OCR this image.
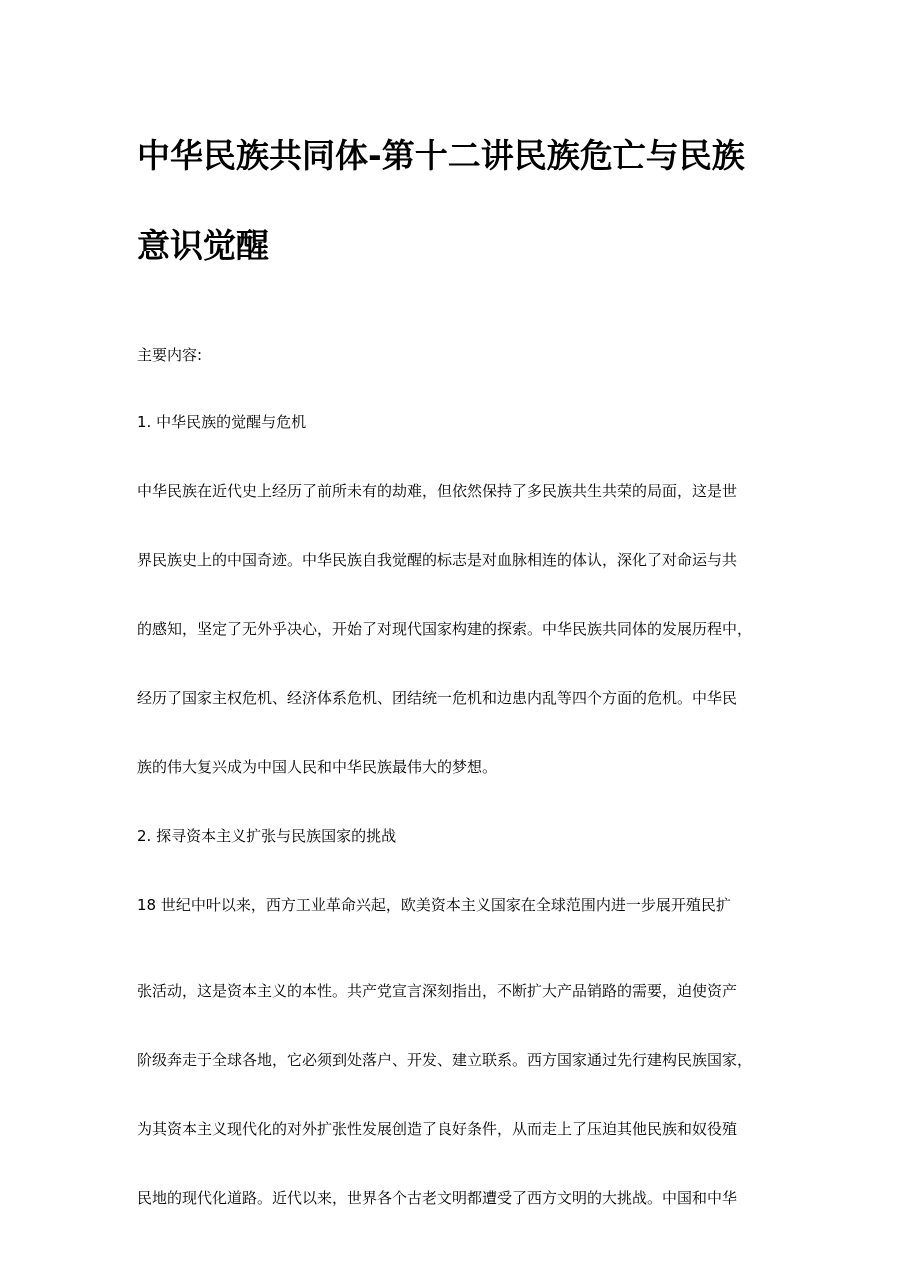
中华民族共同体-第十二讲民族危亡与民族
意识觉醒

主要内容:

1. 中华民族的觉醒与危机

中华民族在近代史上经历了前所未有的劫难，但依然保持了多民族共生共荣的局面，这是世

界民族史上的中国奇迹。中华民族自我觉醒的标志是对血脉相连的体认，深化了对命运与共

的感知，坚定了无外乎决心，开始了对现代国家构建的探索。中华民族共同体的发展历程中，

经历了国家主权危机、经济体系危机、团结统一危机和边患内乱等四个方面的危机。中华民

族的伟大复兴成为中国人民和中华民族最伟大的梦想。

2. 探寻资本主义扩张与民族国家的挑战

18 世纪中叶以来，西方工业革命兴起，欧美资本主义国家在全球范围内进一步展开殖民扩

张活动，这是资本主义的本性。共产党宣言深刻指出，不断扩大产品销路的需要，迫使资产

阶级奔走于全球各地，它必须到处落户、开发、建立联系。西方国家通过先行建构民族国家，

为其资本主义现代化的对外扩张性发展创造了良好条件，从而走上了压迫其他民族和奴役殖

民地的现代化道路。近代以来，世界各个古老文明都遭受了西方文明的大挑战。中国和中华
